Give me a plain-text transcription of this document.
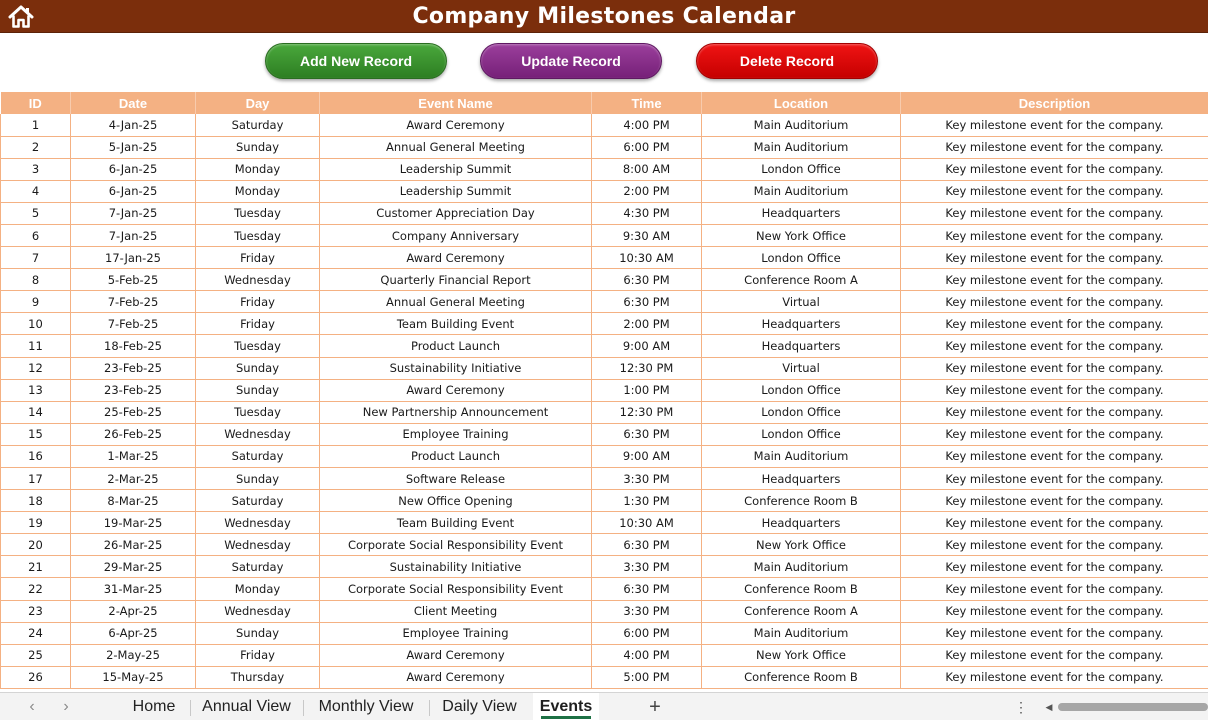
Company Milestones Calendar
Add New Record	Update Record	Delete Record
ID	Date	Day	Event Name	Time	Location	Description
1	4-Jan-25	Saturday	Award Ceremony	4:00 PM	Main Auditorium	Key milestone event for the company.
2	5-Jan-25	Sunday	Annual General Meeting	6:00 PM	Main Auditorium	Key milestone event for the company.
3	6-Jan-25	Monday	Leadership Summit	8:00 AM	London Office	Key milestone event for the company.
4	6-Jan-25	Monday	Leadership Summit	2:00 PM	Main Auditorium	Key milestone event for the company.
5	7-Jan-25	Tuesday	Customer Appreciation Day	4:30 PM	Headquarters	Key milestone event for the company.
6	7-Jan-25	Tuesday	Company Anniversary	9:30 AM	New York Office	Key milestone event for the company.
7	17-Jan-25	Friday	Award Ceremony	10:30 AM	London Office	Key milestone event for the company.
8	5-Feb-25	Wednesday	Quarterly Financial Report	6:30 PM	Conference Room A	Key milestone event for the company.
9	7-Feb-25	Friday	Annual General Meeting	6:30 PM	Virtual	Key milestone event for the company.
10	7-Feb-25	Friday	Team Building Event	2:00 PM	Headquarters	Key milestone event for the company.
11	18-Feb-25	Tuesday	Product Launch	9:00 AM	Headquarters	Key milestone event for the company.
12	23-Feb-25	Sunday	Sustainability Initiative	12:30 PM	Virtual	Key milestone event for the company.
13	23-Feb-25	Sunday	Award Ceremony	1:00 PM	London Office	Key milestone event for the company.
14	25-Feb-25	Tuesday	New Partnership Announcement	12:30 PM	London Office	Key milestone event for the company.
15	26-Feb-25	Wednesday	Employee Training	6:30 PM	London Office	Key milestone event for the company.
16	1-Mar-25	Saturday	Product Launch	9:00 AM	Main Auditorium	Key milestone event for the company.
17	2-Mar-25	Sunday	Software Release	3:30 PM	Headquarters	Key milestone event for the company.
18	8-Mar-25	Saturday	New Office Opening	1:30 PM	Conference Room B	Key milestone event for the company.
19	19-Mar-25	Wednesday	Team Building Event	10:30 AM	Headquarters	Key milestone event for the company.
20	26-Mar-25	Wednesday	Corporate Social Responsibility Event	6:30 PM	New York Office	Key milestone event for the company.
21	29-Mar-25	Saturday	Sustainability Initiative	3:30 PM	Main Auditorium	Key milestone event for the company.
22	31-Mar-25	Monday	Corporate Social Responsibility Event	6:30 PM	Conference Room B	Key milestone event for the company.
23	2-Apr-25	Wednesday	Client Meeting	3:30 PM	Conference Room A	Key milestone event for the company.
24	6-Apr-25	Sunday	Employee Training	6:00 PM	Main Auditorium	Key milestone event for the company.
25	2-May-25	Friday	Award Ceremony	4:00 PM	New York Office	Key milestone event for the company.
26	15-May-25	Thursday	Award Ceremony	5:00 PM	Conference Room B	Key milestone event for the company.
‹	›	Home Annual View Monthly View Daily View Events	+	⋮ ◀
